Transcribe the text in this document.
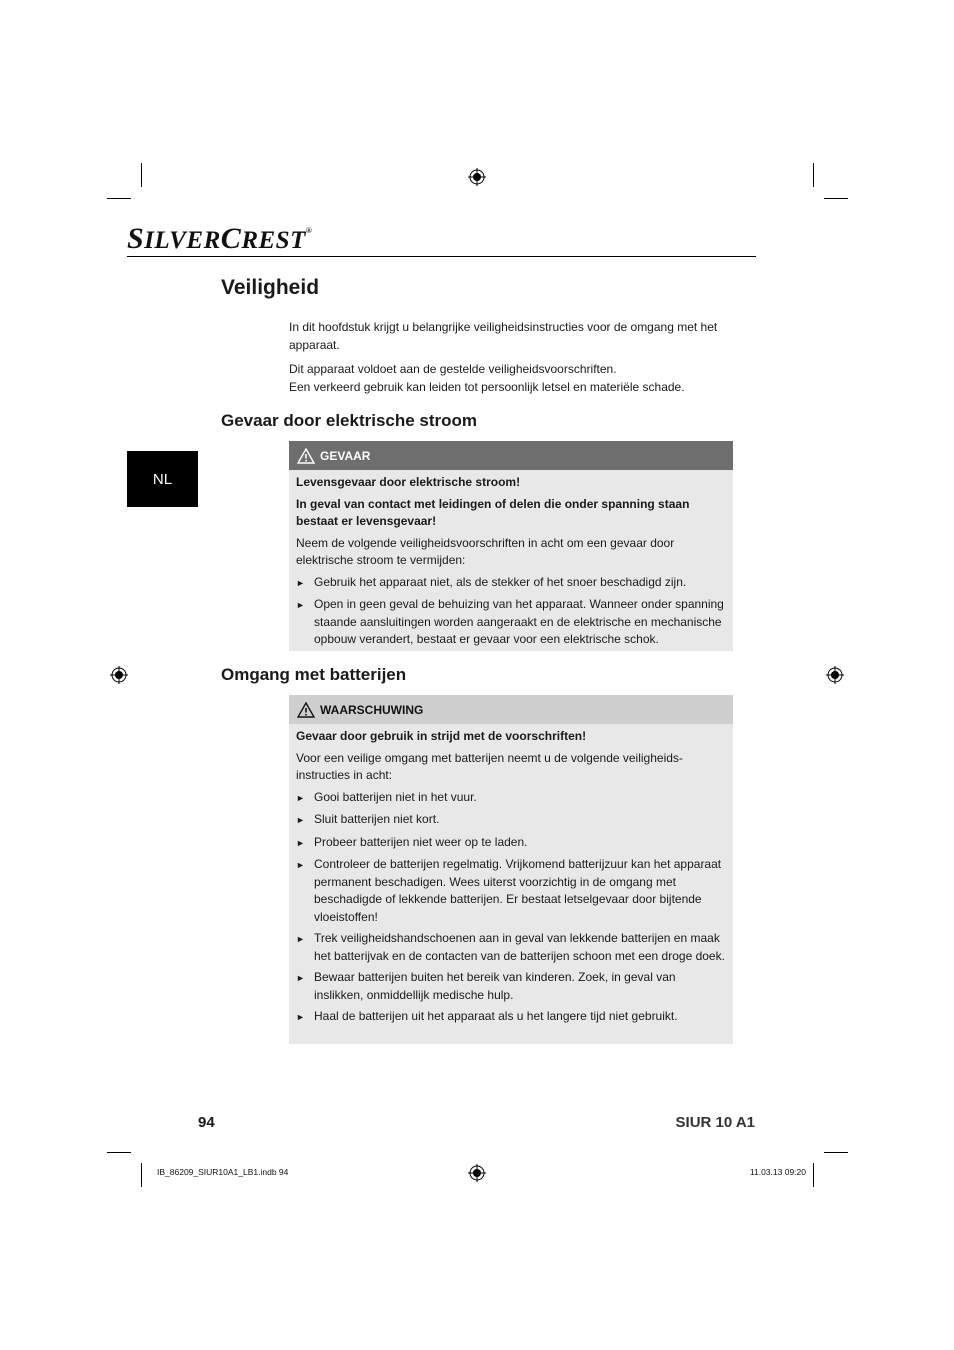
SILVERCREST®
Veiligheid
NL

In dit hoofdstuk krijgt u belangrijke veiligheidsinstructies voor de omgang met het apparaat.

Dit apparaat voldoet aan de gestelde veiligheidsvoorschriften.
Een verkeerd gebruik kan leiden tot persoonlijk letsel en materiële schade.
Gevaar door elektrische stroom
GEVAAR

Levensgevaar door elektrische stroom!

In geval van contact met leidingen of delen die onder spanning staan bestaat er levensgevaar!

Neem de volgende veiligheidsvoorschriften in acht om een gevaar door elektrische stroom te vermijden:

► Gebruik het apparaat niet, als de stekker of het snoer beschadigd zijn.
► Open in geen geval de behuizing van het apparaat. Wanneer onder spanning staande aansluitingen worden aangeraakt en de elektrische en mechanische opbouw verandert, bestaat er gevaar voor een elektrische schok.
Omgang met batterijen
WAARSCHUWING

Gevaar door gebruik in strijd met de voorschriften!

Voor een veilige omgang met batterijen neemt u de volgende veiligheidsinstructies in acht:

► Gooi batterijen niet in het vuur.
► Sluit batterijen niet kort.
► Probeer batterijen niet weer op te laden.
► Controleer de batterijen regelmatig. Vrijkomend batterijzuur kan het apparaat permanent beschadigen. Wees uiterst voorzichtig in de omgang met beschadigde of lekkende batterijen. Er bestaat letselgevaar door bijtende vloeistoffen!
► Trek veiligheidshandschoenen aan in geval van lekkende batterijen en maak het batterijvak en de contacten van de batterijen schoon met een droge doek.
► Bewaar batterijen buiten het bereik van kinderen. Zoek, in geval van inslikken, onmiddellijk medische hulp.
► Haal de batterijen uit het apparaat als u het langere tijd niet gebruikt.
94	SIUR 10 A1
IB_86209_SIUR10A1_LB1.indb 94	11.03.13 09:20
